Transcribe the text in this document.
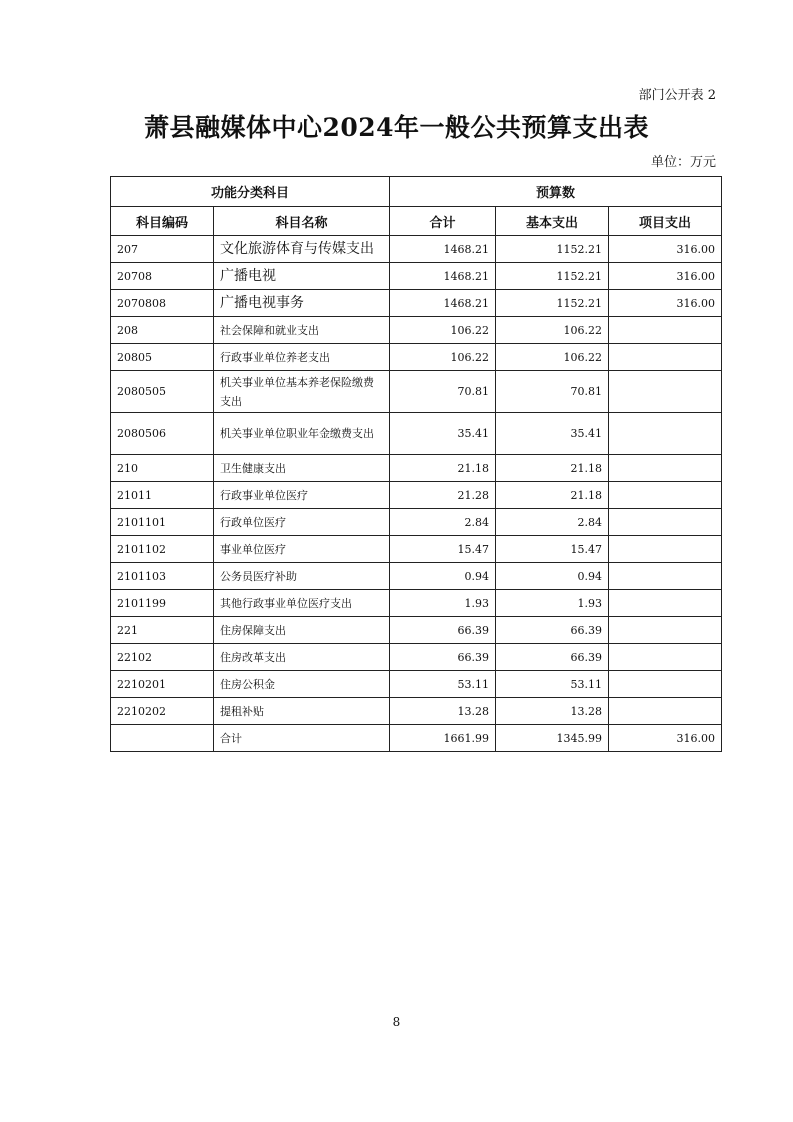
部门公开表 2
萧县融媒体中心2024年一般公共预算支出表
单位：万元
功能分类科目		预算数		
科目编码	科目名称	合计	基本支出	项目支出
207	文化旅游体育与传媒支出	1468.21	1152.21	316.00
20708	广播电视	1468.21	1152.21	316.00
2070808	广播电视事务	1468.21	1152.21	316.00
208	社会保障和就业支出	106.22	106.22	
20805	行政事业单位养老支出	106.22	106.22	
2080505	机关事业单位基本养老保险缴费支出	70.81	70.81	
2080506	机关事业单位职业年金缴费支出	35.41	35.41	
210	卫生健康支出	21.18	21.18	
21011	行政事业单位医疗	21.28	21.18	
2101101	行政单位医疗	2.84	2.84	
2101102	事业单位医疗	15.47	15.47	
2101103	公务员医疗补助	0.94	0.94	
2101199	其他行政事业单位医疗支出	1.93	1.93	
221	住房保障支出	66.39	66.39	
22102	住房改革支出	66.39	66.39	
2210201	住房公积金	53.11	53.11	
2210202	提租补贴	13.28	13.28	
	合计	1661.99	1345.99	316.00
8
